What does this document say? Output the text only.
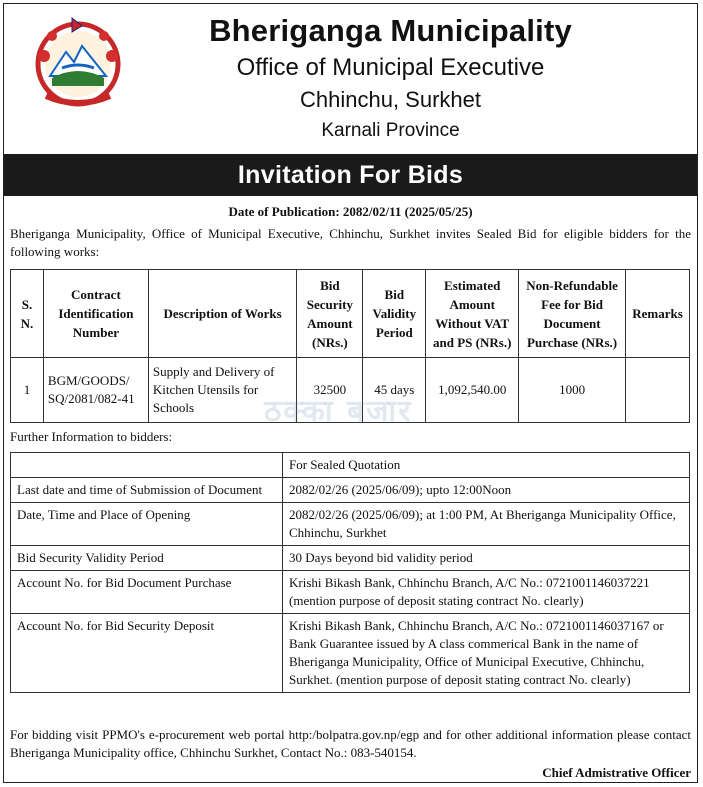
Bheriganga Municipality
Office of Municipal Executive
Chhinchu, Surkhet
Karnali Province
Invitation For Bids
Date of Publication: 2082/02/11 (2025/05/25)
Bheriganga Municipality, Office of Municipal Executive, Chhinchu, Surkhet invites Sealed Bid for eligible bidders for the following works:
S. N.	Contract Identification Number	Description of Works	Bid Security Amount (NRs.)	Bid Validity Period	Estimated Amount Without VAT and PS (NRs.)	Non-Refundable Fee for Bid Document Purchase (NRs.)	Remarks
1	BGM/GOODS/ SQ/2081/082-41	Supply and Delivery of Kitchen Utensils for Schools	32500	45 days	1,092,540.00	1000	
ठक्का बजार
Further Information to bidders:
	For Sealed Quotation
Last date and time of Submission of Document	2082/02/26 (2025/06/09); upto 12:00Noon
Date, Time and Place of Opening	2082/02/26 (2025/06/09); at 1:00 PM, At Bheriganga Municipality Office, Chhinchu, Surkhet
Bid Security Validity Period	30 Days beyond bid validity period
Account No. for Bid Document Purchase	Krishi Bikash Bank, Chhinchu Branch, A/C No.: 0721001146037221 (mention purpose of deposit stating contract No. clearly)
Account No. for Bid Security Deposit	Krishi Bikash Bank, Chhinchu Branch, A/C No.: 0721001146037167 or Bank Guarantee issued by A class commerical Bank in the name of Bheriganga Municipality, Office of Municipal Executive, Chhinchu, Surkhet. (mention purpose of deposit stating contract No. clearly)
For bidding visit PPMO's e-procurement web portal http:/bolpatra.gov.np/egp and for other additional information please contact Bheriganga Municipality office, Chhinchu Surkhet, Contact No.: 083-540154.
Chief Admistrative Officer
